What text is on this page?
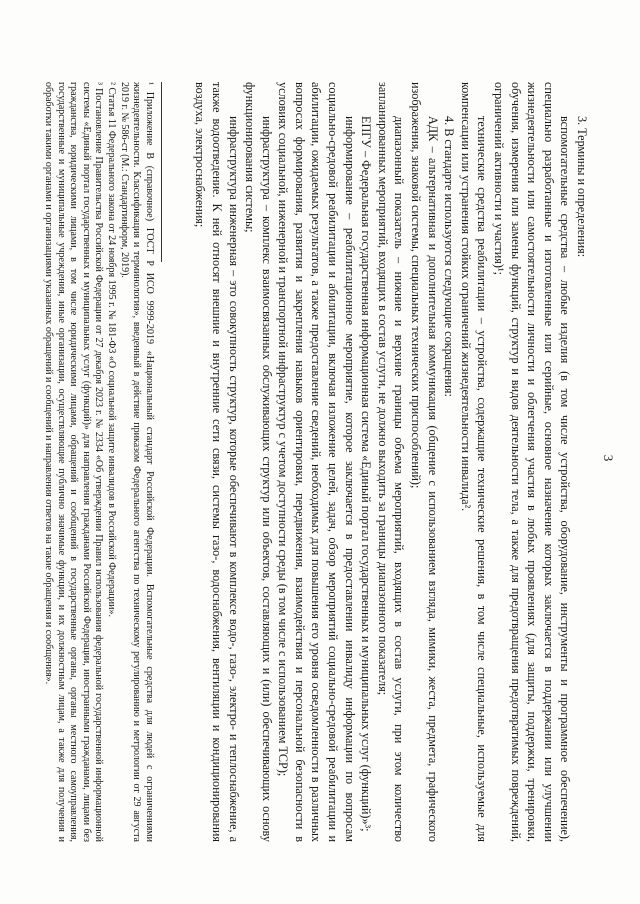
3

3. Термины и определения:

вспомогательные средства – любые изделия (в том числе устройства, оборудование, инструменты и программное обеспечение), специально разработанные и изготовленные или серийные, основное назначение которых заключается в поддержании или улучшении жизнедеятельности или самостоятельности личности и облегчения участия в любых проявлениях (для защиты, поддержки, тренировки, обучения, измерения или замены функций, структур и видов деятельности тела, а также для предотвращения предотвратимых повреждений, ограничений активности и участия)¹;

технические средства реабилитации – устройства, содержащие технические решения, в том числе специальные, используемые для компенсации или устранения стойких ограничений жизнедеятельности инвалида².

4. В стандарте используются следующие сокращения:

АДК – альтернативная и дополнительная коммуникация (общение с использованием взгляда, мимики, жеста, предмета, графического изображения, знаковой системы, специальных технических приспособлений);

диапазонный показатель – нижние и верхние границы объема мероприятий, входящих в состав услуги, при этом количество запланированных мероприятий, входящих в состав услуги, не должно выходить за границы диапазонного показателя;

ЕПГУ – Федеральная государственная информационная система «Единый портал государственных и муниципальных услуг (функций)»³;

информирование – реабилитационное мероприятие, которое заключается в предоставлении инвалиду информации по вопросам социально-средовой реабилитации и абилитации, включая изложение целей, задач, обзор мероприятий социально-средовой реабилитации и абилитации, ожидаемых результатов, а также предоставление сведений, необходимых для повышения его уровня осведомленности в различных вопросах формирования, развития и закрепления навыков ориентировки, передвижения, взаимодействия и персональной безопасности в условиях социальной, инженерной и транспортной инфраструктур с учетом доступности среды (в том числе с использованием ТСР);

инфраструктура – комплекс взаимосвязанных обслуживающих структур или объектов, составляющих и (или) обеспечивающих основу функционирования системы;

инфраструктура инженерная – это совокупность структур, которые обеспечивают в комплексе водо-, газо-, электро- и теплоснабжение, а также водоотведение. К ней относят внешние и внутренние сети связи, системы газо-, водоснабжения, вентиляции и кондиционирования воздуха, электроснабжения;

¹ Приложение В (справочное) ГОСТ Р ИСО 9999-2019 «Национальный стандарт Российской Федерации. Вспомогательные средства для людей с ограничениями жизнедеятельности. Классификация и терминология», введенный в действие приказом Федерального агентства по техническому регулированию и метрологии от 29 августа 2019 г. № 586-ст (М.: Стандартинформ, 2019).

² Статья 11 Федерального закона от 24 ноября 1995 г. № 181-ФЗ «О социальной защите инвалидов в Российской Федерации».

³ Постановление Правительства Российской Федерации от 27 декабря 2023 г. № 2334 «Об утверждении Правил использования федеральной государственной информационной системы «Единый портал государственных и муниципальных услуг (функций)» для направления гражданами Российской Федерации, иностранными гражданами, лицами без гражданства, юридическими лицами, в том числе юридическими лицами, обращений и сообщений в государственные органы, органы местного самоуправления, государственные и муниципальные учреждения, иные организации, осуществляющие публично значимые функции, и их должностным лицам, а также для получения и обработки такими органами и организациями указанных обращений и сообщений и направления ответов на такие обращения и сообщения».
